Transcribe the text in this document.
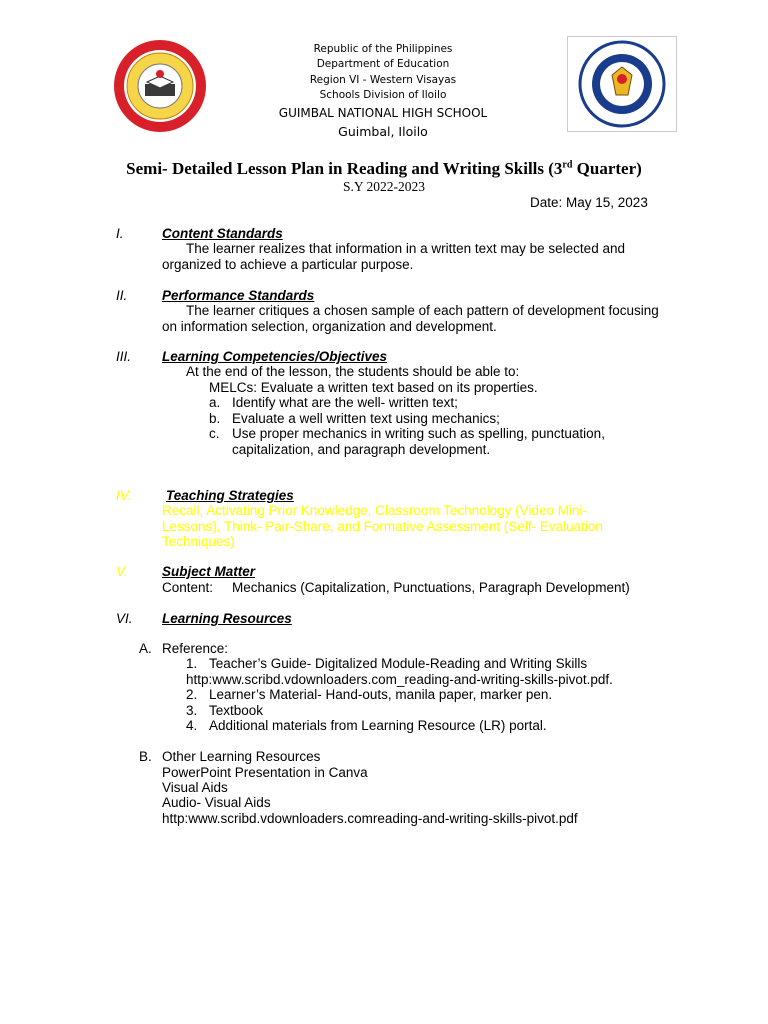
Republic of the Philippines
Department of Education
Region VI - Western Visayas
Schools Division of Iloilo
GUIMBAL NATIONAL HIGH SCHOOL
Guimbal, Iloilo
Semi- Detailed Lesson Plan in Reading and Writing Skills (3rd Quarter)
S.Y 2022-2023
Date: May 15, 2023
I.	Content Standards
The learner realizes that information in a written text may be selected and organized to achieve a particular purpose.
II.	Performance Standards
The learner critiques a chosen sample of each pattern of development focusing on information selection, organization and development.
III. Learning Competencies/Objectives
At the end of the lesson, the students should be able to:
MELCs: Evaluate a written text based on its properties.
a. Identify what are the well- written text;
b. Evaluate a well written text using mechanics;
c. Use proper mechanics in writing such as spelling, punctuation, capitalization, and paragraph development.
IV.	Teaching Strategies
Recall, Activating Prior Knowledge, Classroom Technology (Video Mini-Lessons), Think- Pair-Share, and Formative Assessment (Self- Evaluation Techniques)
V.	Subject Matter
Content: Mechanics (Capitalization, Punctuations, Paragraph Development)
VI. Learning Resources
A. Reference:
1. Teacher’s Guide- Digitalized Module-Reading and Writing Skills
http:www.scribd.vdownloaders.com_reading-and-writing-skills-pivot.pdf.
2. Learner’s Material- Hand-outs, manila paper, marker pen.
3. Textbook
4. Additional materials from Learning Resource (LR) portal.
B. Other Learning Resources
PowerPoint Presentation in Canva
Visual Aids
Audio- Visual Aids
http:www.scribd.vdownloaders.comreading-and-writing-skills-pivot.pdf
